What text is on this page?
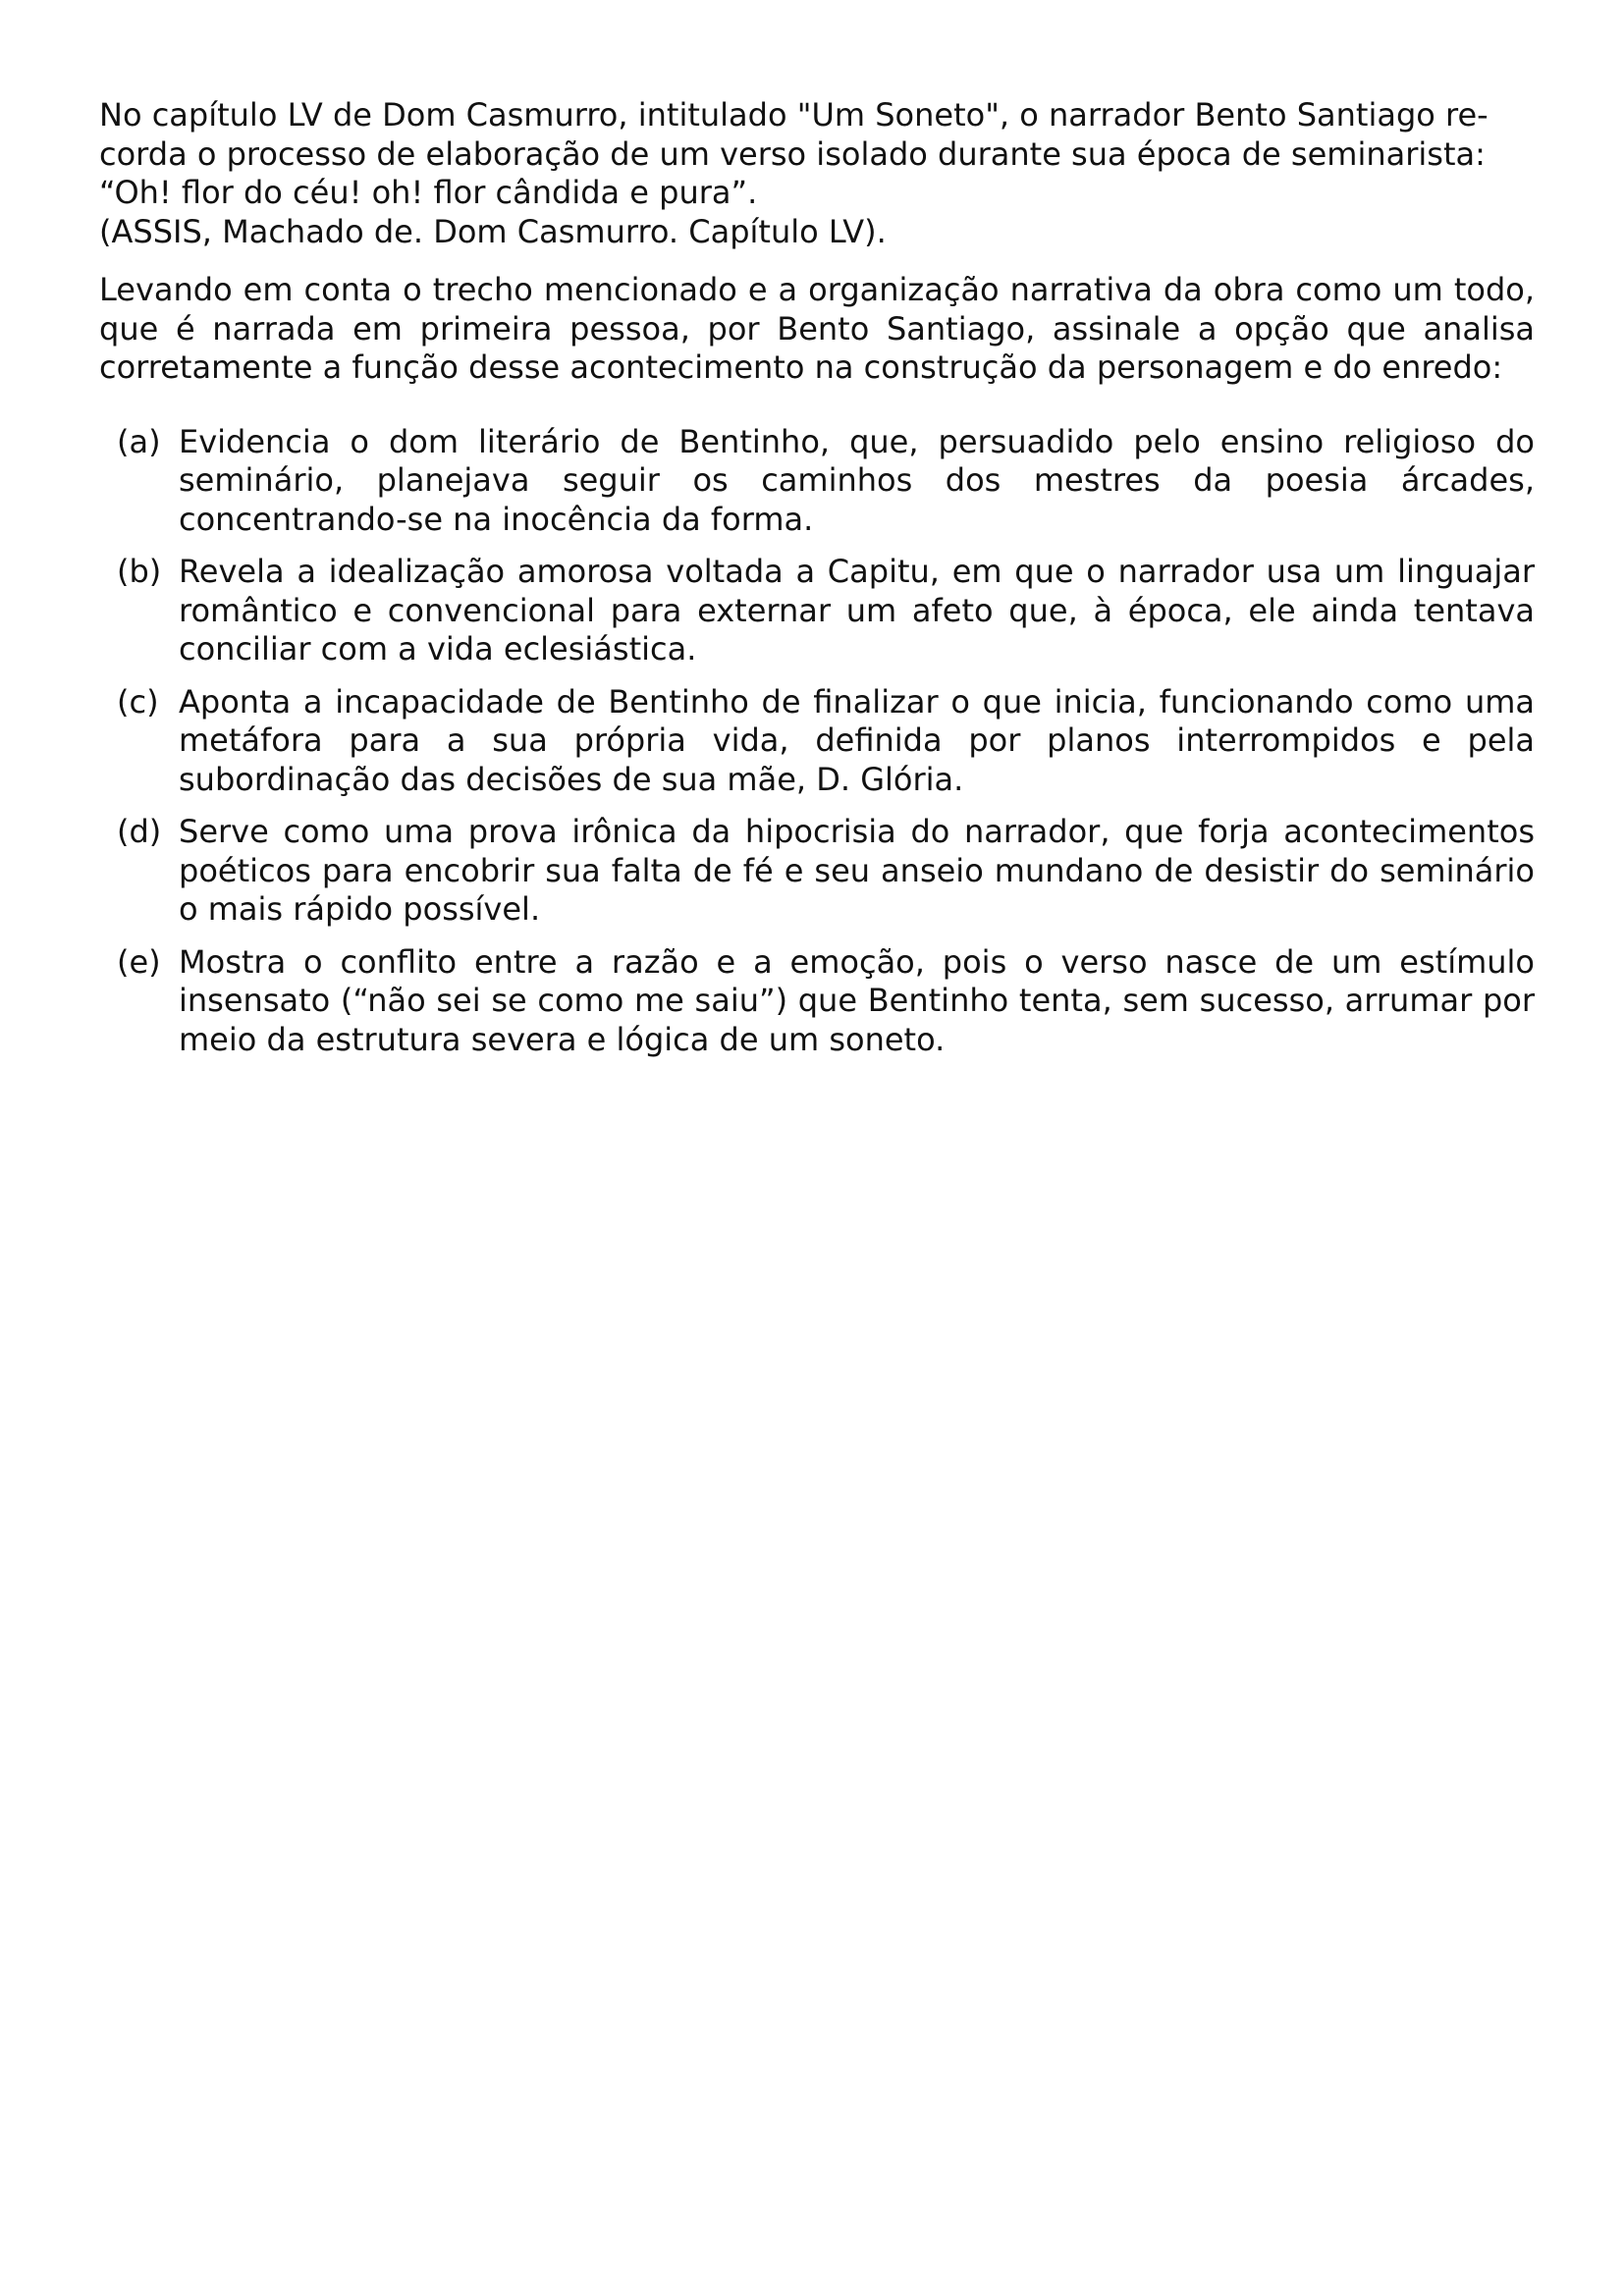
No capítulo LV de Dom Casmurro, intitulado "Um Soneto", o narrador Bento Santiago re-
corda o processo de elaboração de um verso isolado durante sua época de seminarista:
“Oh! flor do céu! oh! flor cândida e pura”.
(ASSIS, Machado de. Dom Casmurro. Capítulo LV).

Levando em conta o trecho mencionado e a organização narrativa da obra como um todo, que é narrada em primeira pessoa, por Bento Santiago, assinale a opção que analisa corretamente a função desse acontecimento na construção da personagem e do enredo:

(a) Evidencia o dom literário de Bentinho, que, persuadido pelo ensino religioso do seminário, planejava seguir os caminhos dos mestres da poesia árcades, concentrando-se na inocência da forma.
(b) Revela a idealização amorosa voltada a Capitu, em que o narrador usa um linguajar romântico e convencional para externar um afeto que, à época, ele ainda tentava conciliar com a vida eclesiástica.
(c) Aponta a incapacidade de Bentinho de finalizar o que inicia, funcionando como uma metáfora para a sua própria vida, definida por planos interrompidos e pela subordinação das decisões de sua mãe, D. Glória.
(d) Serve como uma prova irônica da hipocrisia do narrador, que forja acontecimentos poéticos para encobrir sua falta de fé e seu anseio mundano de desistir do seminário o mais rápido possível.
(e) Mostra o conflito entre a razão e a emoção, pois o verso nasce de um estímulo insensato (“não sei se como me saiu”) que Bentinho tenta, sem sucesso, arrumar por meio da estrutura severa e lógica de um soneto.
